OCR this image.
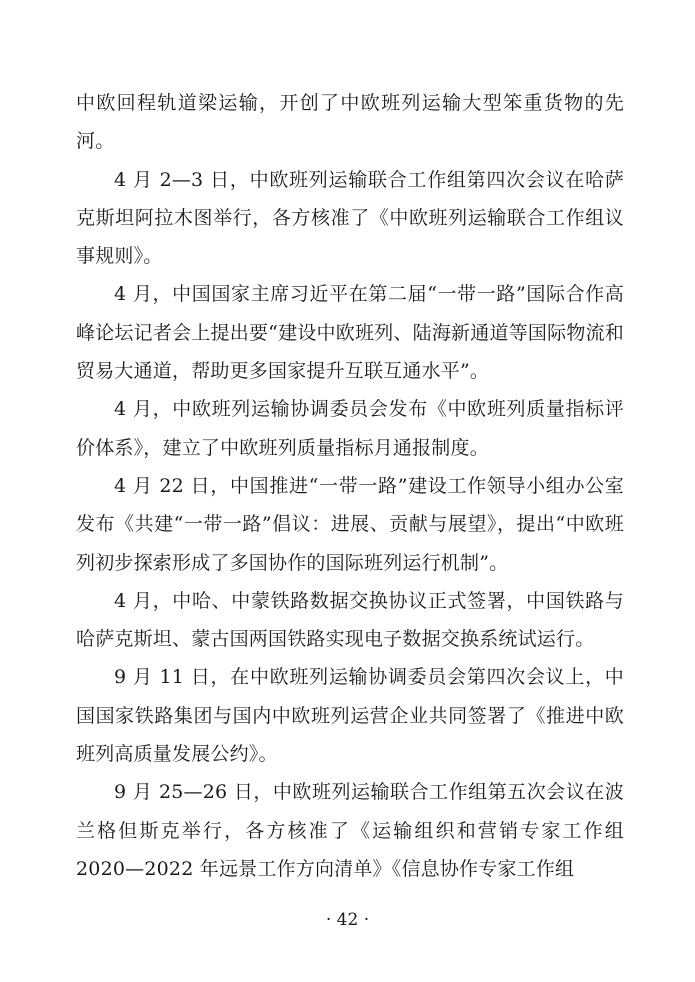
中欧回程轨道梁运输，开创了中欧班列运输大型笨重货物的先河。

4 月 2—3 日，中欧班列运输联合工作组第四次会议在哈萨克斯坦阿拉木图举行，各方核准了《中欧班列运输联合工作组议事规则》。

4 月，中国国家主席习近平在第二届“一带一路”国际合作高峰论坛记者会上提出要“建设中欧班列、陆海新通道等国际物流和贸易大通道，帮助更多国家提升互联互通水平”。

4 月，中欧班列运输协调委员会发布《中欧班列质量指标评价体系》，建立了中欧班列质量指标月通报制度。

4 月 22 日，中国推进“一带一路”建设工作领导小组办公室发布《共建“一带一路”倡议：进展、贡献与展望》，提出“中欧班列初步探索形成了多国协作的国际班列运行机制”。

4 月，中哈、中蒙铁路数据交换协议正式签署，中国铁路与哈萨克斯坦、蒙古国两国铁路实现电子数据交换系统试运行。

9 月 11 日，在中欧班列运输协调委员会第四次会议上，中国国家铁路集团与国内中欧班列运营企业共同签署了《推进中欧班列高质量发展公约》。

9 月 25—26 日，中欧班列运输联合工作组第五次会议在波兰格但斯克举行，各方核准了《运输组织和营销专家工作组 2020—2022 年远景工作方向清单》《信息协作专家工作组

· 42 ·
